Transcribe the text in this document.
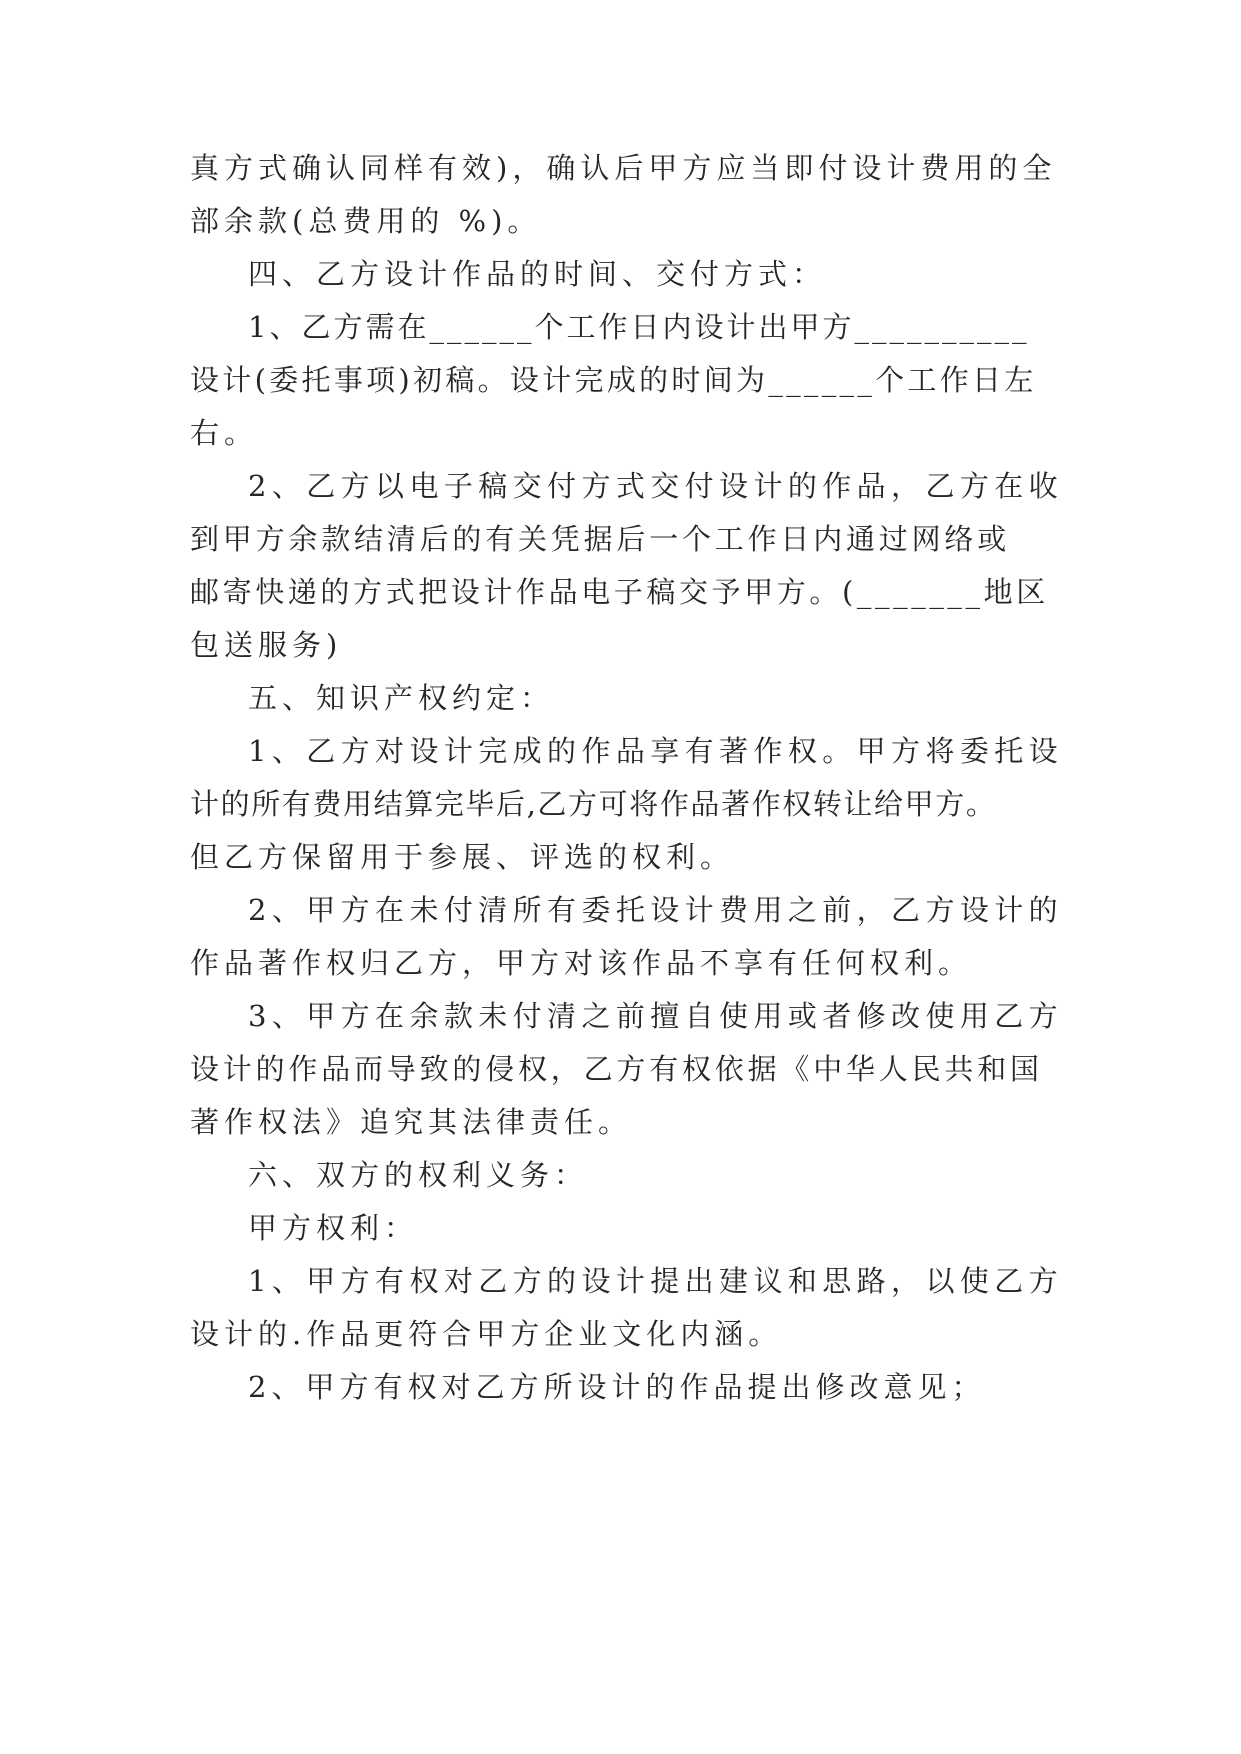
真方式确认同样有效)，确认后甲方应当即付设计费用的全
部余款(总费用的 %)。
四、乙方设计作品的时间、交付方式：
1、乙方需在______个工作日内设计出甲方__________
设计(委托事项)初稿。设计完成的时间为______个工作日左
右。
2、乙方以电子稿交付方式交付设计的作品，乙方在收
到甲方余款结清后的有关凭据后一个工作日内通过网络或
邮寄快递的方式把设计作品电子稿交予甲方。(_______地区
包送服务)
五、知识产权约定：
1、乙方对设计完成的作品享有著作权。甲方将委托设
计的所有费用结算完毕后,乙方可将作品著作权转让给甲方。
但乙方保留用于参展、评选的权利。
2、甲方在未付清所有委托设计费用之前，乙方设计的
作品著作权归乙方，甲方对该作品不享有任何权利。
3、甲方在余款未付清之前擅自使用或者修改使用乙方
设计的作品而导致的侵权，乙方有权依据《中华人民共和国
著作权法》追究其法律责任。
六、双方的权利义务：
甲方权利：
1、甲方有权对乙方的设计提出建议和思路，以使乙方
设计的.作品更符合甲方企业文化内涵。
2、甲方有权对乙方所设计的作品提出修改意见；
